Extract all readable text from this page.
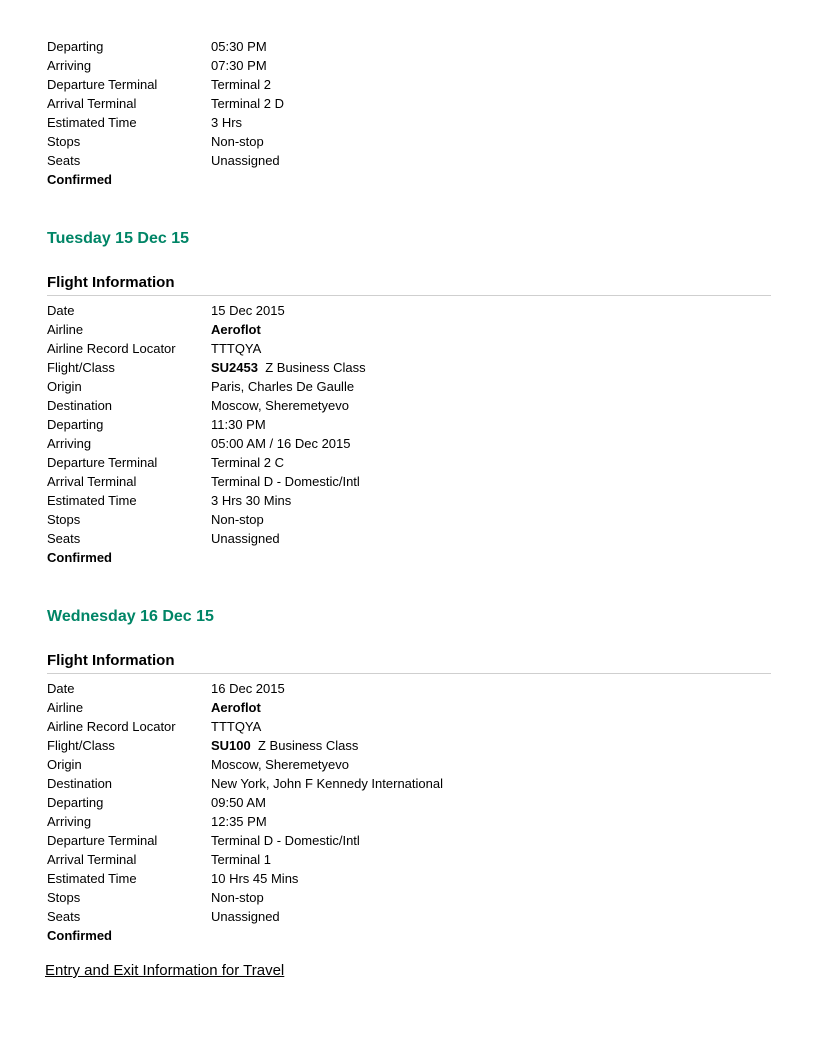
Departing	05:30 PM
Arriving	07:30 PM
Departure Terminal	Terminal 2
Arrival Terminal	Terminal 2 D
Estimated Time	3 Hrs
Stops	Non-stop
Seats	Unassigned
Confirmed
Tuesday 15 Dec 15
Flight Information
Date	15 Dec 2015
Airline	Aeroflot
Airline Record Locator	TTTQYA
Flight/Class	SU2453 Z Business Class
Origin	Paris, Charles De Gaulle
Destination	Moscow, Sheremetyevo
Departing	11:30 PM
Arriving	05:00 AM / 16 Dec 2015
Departure Terminal	Terminal 2 C
Arrival Terminal	Terminal D - Domestic/Intl
Estimated Time	3 Hrs 30 Mins
Stops	Non-stop
Seats	Unassigned
Confirmed
Wednesday 16 Dec 15
Flight Information
Date	16 Dec 2015
Airline	Aeroflot
Airline Record Locator	TTTQYA
Flight/Class	SU100 Z Business Class
Origin	Moscow, Sheremetyevo
Destination	New York, John F Kennedy International
Departing	09:50 AM
Arriving	12:35 PM
Departure Terminal	Terminal D - Domestic/Intl
Arrival Terminal	Terminal 1
Estimated Time	10 Hrs 45 Mins
Stops	Non-stop
Seats	Unassigned
Confirmed
Entry and Exit Information for Travel
